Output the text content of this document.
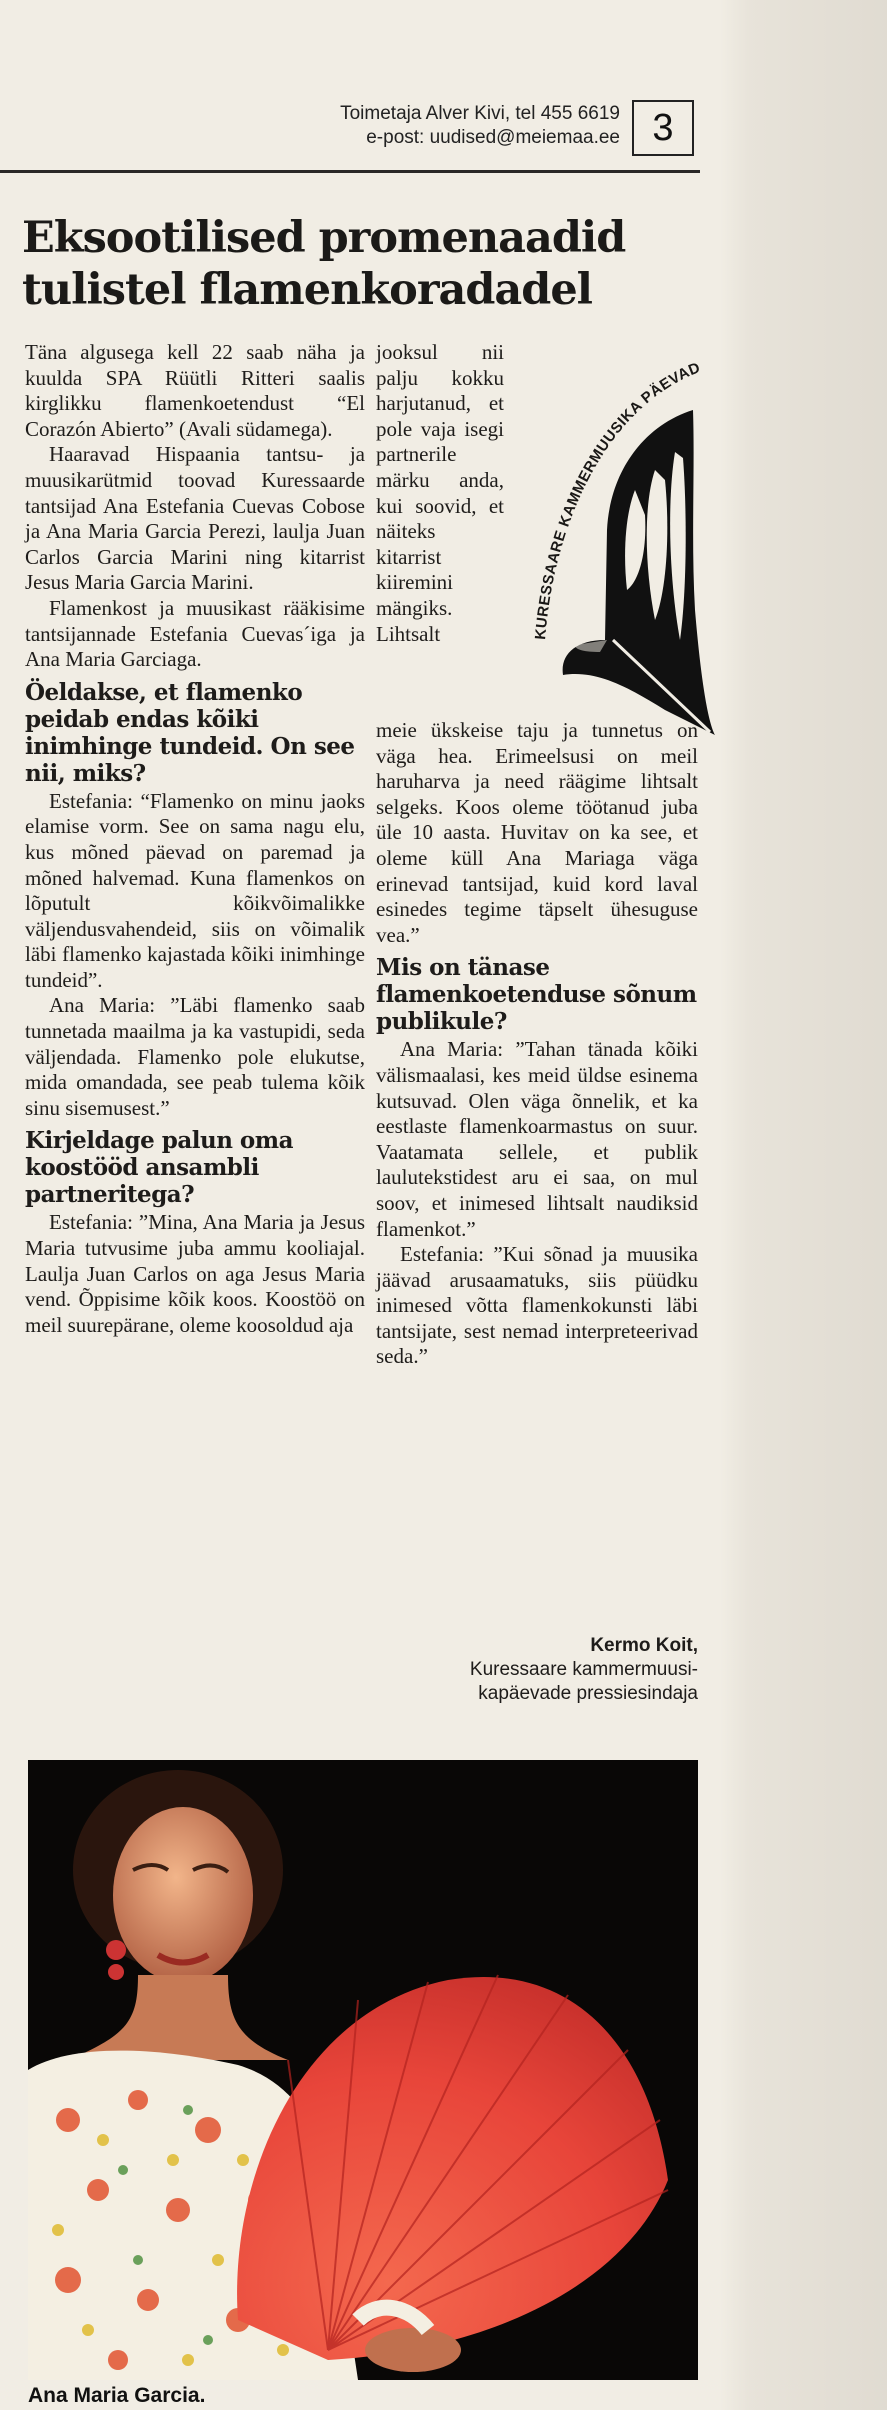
Toimetaja Alver Kivi, tel 455 6619
e-post: uudised@meiemaa.ee 3
Eksootilised promenaadid
tulistel flamenkoradadel

Täna algusega kell 22 saab näha ja kuulda SPA Rüütli Ritteri saalis kirglikku flamenkoetendust “El Corazón Abierto” (Avali südamega).

Haaravad Hispaania tantsu- ja muusikarütmid toovad Kuressaarde tantsijad Ana Estefania Cuevas Cobose ja Ana Maria Garcia Perezi, laulja Juan Carlos Garcia Marini ning kitarrist Jesus Maria Garcia Marini.

Flamenkost ja muusikast rääkisime tantsijannade Estefania Cuevas´iga ja Ana Maria Garciaga.

Öeldakse, et flamenko peidab endas kõiki inimhinge tundeid. On see nii, miks?

Estefania: “Flamenko on minu jaoks elamise vorm. See on sama nagu elu, kus mõned päevad on paremad ja mõned halvemad. Kuna flamenkos on lõputult kõikvõimalikke väljendusvahendeid, siis on võimalik läbi flamenko kajastada kõiki inimhinge tundeid”.

Ana Maria: ”Läbi flamenko saab tunnetada maailma ja ka vastupidi, seda väljendada. Flamenko pole elukutse, mida omandada, see peab tulema kõik sinu sisemusest.”

Kirjeldage palun oma koostööd ansambli partneritega?

Estefania: ”Mina, Ana Maria ja Jesus Maria tutvusime juba ammu kooliajal. Laulja Juan Carlos on aga Jesus Maria vend. Õppisime kõik koos. Koostöö on meil suurepärane, oleme koosoldud aja

jooksul nii palju kokku harjutanud, et pole vaja isegi partnerile märku anda, kui soovid, et näiteks kitarrist kiiremini mängiks. Lihtsalt	KURESSAARE KAMMERMUUSIKA PÄEVAD

meie ükskeise taju ja tunnetus on väga hea. Erimeelsusi on meil haruharva ja need räägime lihtsalt selgeks. Koos oleme töötanud juba üle 10 aasta. Huvitav on ka see, et oleme küll Ana Mariaga väga erinevad tantsijad, kuid kord laval esinedes tegime täpselt ühesuguse vea.”

Mis on tänase flamenkoetenduse sõnum publikule?

Ana Maria: ”Tahan tänada kõiki välismaalasi, kes meid üldse esinema kutsuvad. Olen väga õnnelik, et ka eestlaste flamenkoarmastus on suur. Vaatamata sellele, et publik laulutekstidest aru ei saa, on mul soov, et inimesed lihtsalt naudiksid flamenkot.”

Estefania: ”Kui sõnad ja muusika jäävad arusaamatuks, siis püüdku inimesed võtta flamenkokunsti läbi tantsijate, sest nemad interpreteerivad seda.”

Kermo Koit,
Kuressaare kammermuusi-
kapäevade pressiesindaja
Ana Maria Garcia.
